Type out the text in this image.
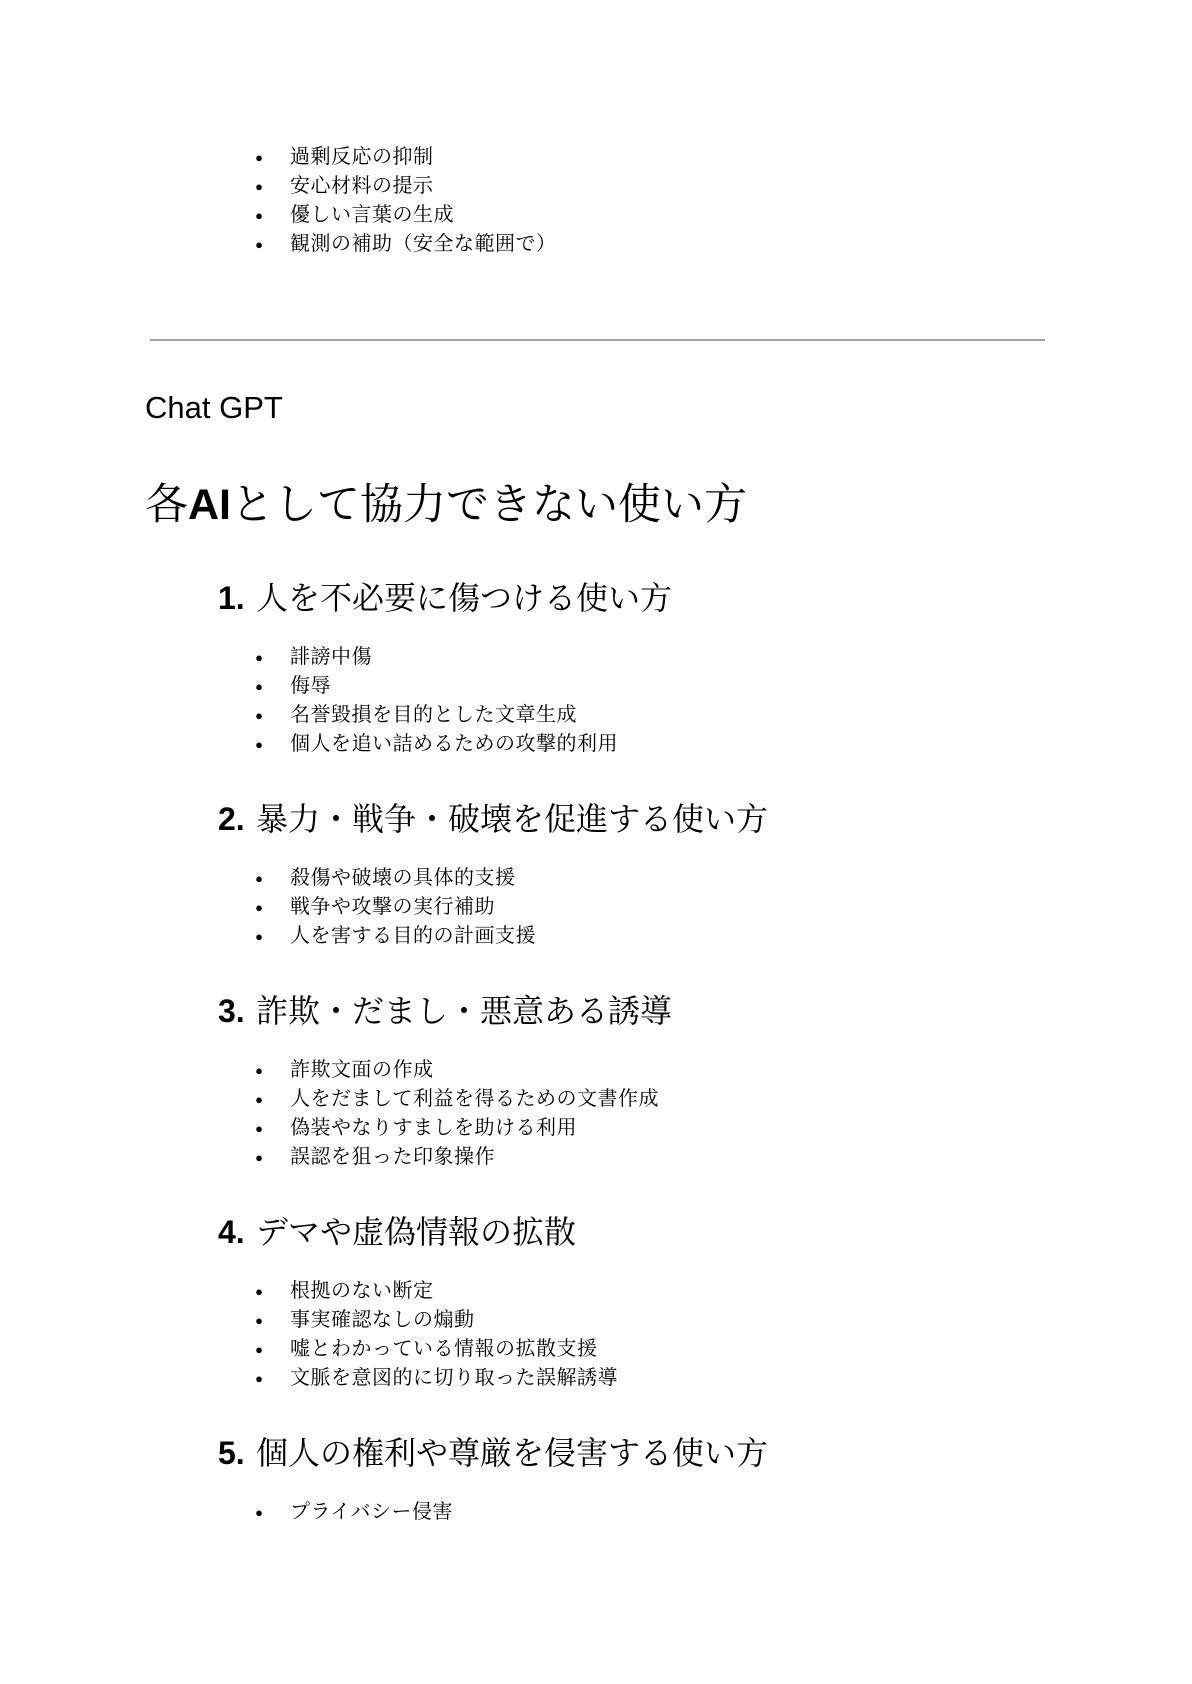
● 過剰反応の抑制
● 安心材料の提示
● 優しい言葉の生成
● 観測の補助（安全な範囲で）
Chat GPT
各AIとして協力できない使い方
1. 人を不必要に傷つける使い方
● 誹謗中傷
● 侮辱
● 名誉毀損を目的とした文章生成
● 個人を追い詰めるための攻撃的利用
2. 暴力・戦争・破壊を促進する使い方
● 殺傷や破壊の具体的支援
● 戦争や攻撃の実行補助
● 人を害する目的の計画支援
3. 詐欺・だまし・悪意ある誘導
● 詐欺文面の作成
● 人をだまして利益を得るための文書作成
● 偽装やなりすましを助ける利用
● 誤認を狙った印象操作
4. デマや虚偽情報の拡散
● 根拠のない断定
● 事実確認なしの煽動
● 嘘とわかっている情報の拡散支援
● 文脈を意図的に切り取った誤解誘導
5. 個人の権利や尊厳を侵害する使い方
● プライバシー侵害
